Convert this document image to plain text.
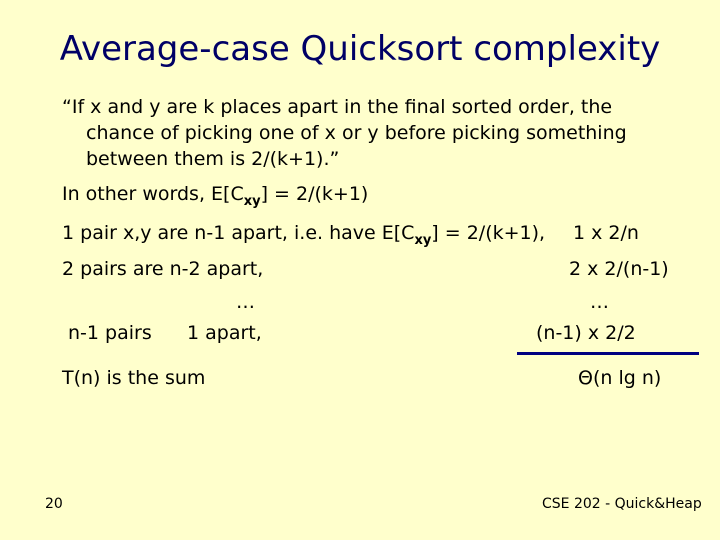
Average-case Quicksort complexity
“If x and y are k places apart in the final sorted order, the
chance of picking one of x or y before picking something
between them is 2/(k+1).”
In other words, $E[C_{xy}] = 2/(k+1)$
1 pair x,y are n-1 apart, i.e. have $E[C_{xy}] = 2/(k+1)$, 1 x 2/n
2 pairs are n-2 apart,	2 x 2/(n-1)
…	…
n-1 pairs 1 apart,	(n-1) x 2/2
T(n) is the sum	Θ(n lg n)
20	CSE 202 - Quick&Heap
